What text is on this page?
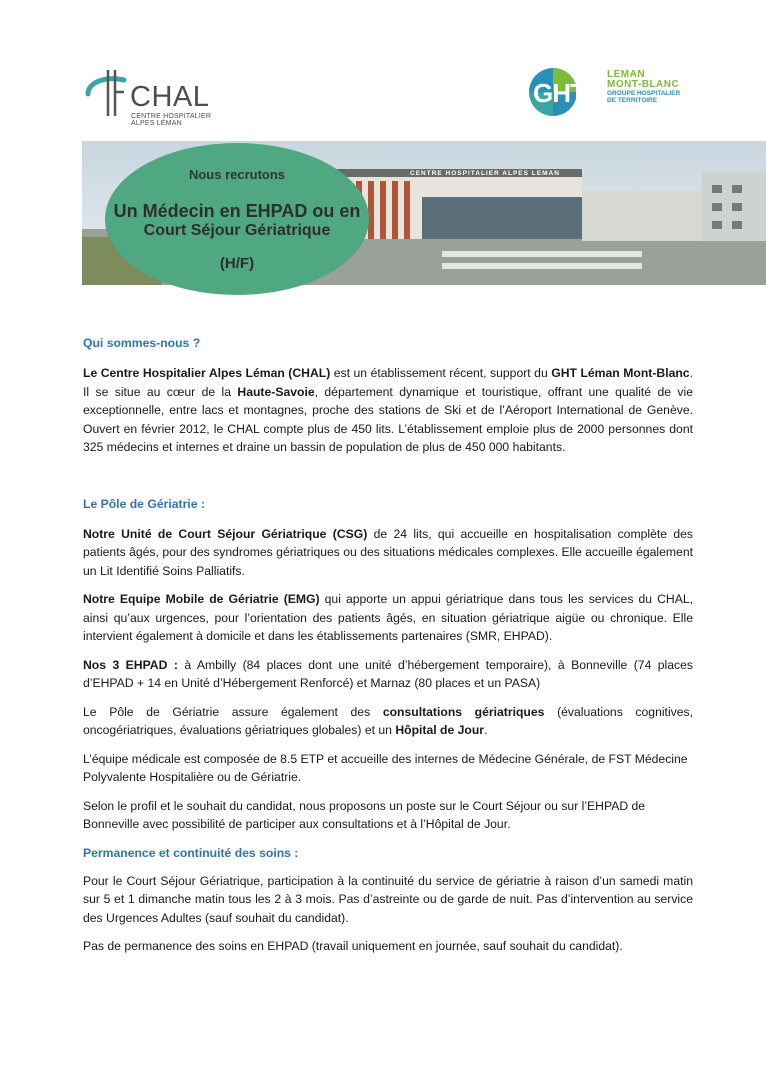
CHAL
CENTRE HOSPITALIER
ALPES LÉMAN
GHT
LEMAN
MONT-BLANC
GROUPE HOSPITALIER
DE TERRITOIRE
CENTRE HOSPITALIER ALPES LEMAN
Nous recrutons
Un Médecin en EHPAD ou en
Court Séjour Gériatrique
(H/F)
Qui sommes-nous ?

Le Centre Hospitalier Alpes Léman (CHAL) est un établissement récent, support du GHT Léman Mont-Blanc. Il se situe au cœur de la Haute-Savoie, département dynamique et touristique, offrant une qualité de vie exceptionnelle, entre lacs et montagnes, proche des stations de Ski et de l’Aéroport International de Genève. Ouvert en février 2012, le CHAL compte plus de 450 lits. L’établissement emploie plus de 2000 personnes dont 325 médecins et internes et draine un bassin de population de plus de 450 000 habitants.

Le Pôle de Gériatrie :

Notre Unité de Court Séjour Gériatrique (CSG) de 24 lits, qui accueille en hospitalisation complète des patients âgés, pour des syndromes gériatriques ou des situations médicales complexes. Elle accueille également un Lit Identifié Soins Palliatifs.

Notre Equipe Mobile de Gériatrie (EMG) qui apporte un appui gériatrique dans tous les services du CHAL, ainsi qu’aux urgences, pour l’orientation des patients âgés, en situation gériatrique aigüe ou chronique. Elle intervient également à domicile et dans les établissements partenaires (SMR, EHPAD).

Nos 3 EHPAD : à Ambilly (84 places dont une unité d’hébergement temporaire), à Bonneville (74 places d’EHPAD + 14 en Unité d’Hébergement Renforcé) et Marnaz (80 places et un PASA)

Le Pôle de Gériatrie assure également des consultations gériatriques (évaluations cognitives, oncogériatriques, évaluations gériatriques globales) et un Hôpital de Jour.

L’équipe médicale est composée de 8.5 ETP et accueille des internes de Médecine Générale, de FST Médecine Polyvalente Hospitalière ou de Gériatrie.

Selon le profil et le souhait du candidat, nous proposons un poste sur le Court Séjour ou sur l’EHPAD de Bonneville avec possibilité de participer aux consultations et à l’Hôpital de Jour.

Permanence et continuité des soins :

Pour le Court Séjour Gériatrique, participation à la continuité du service de gériatrie à raison d’un samedi matin sur 5 et 1 dimanche matin tous les 2 à 3 mois. Pas d’astreinte ou de garde de nuit. Pas d’intervention au service des Urgences Adultes (sauf souhait du candidat).

Pas de permanence des soins en EHPAD (travail uniquement en journée, sauf souhait du candidat).
